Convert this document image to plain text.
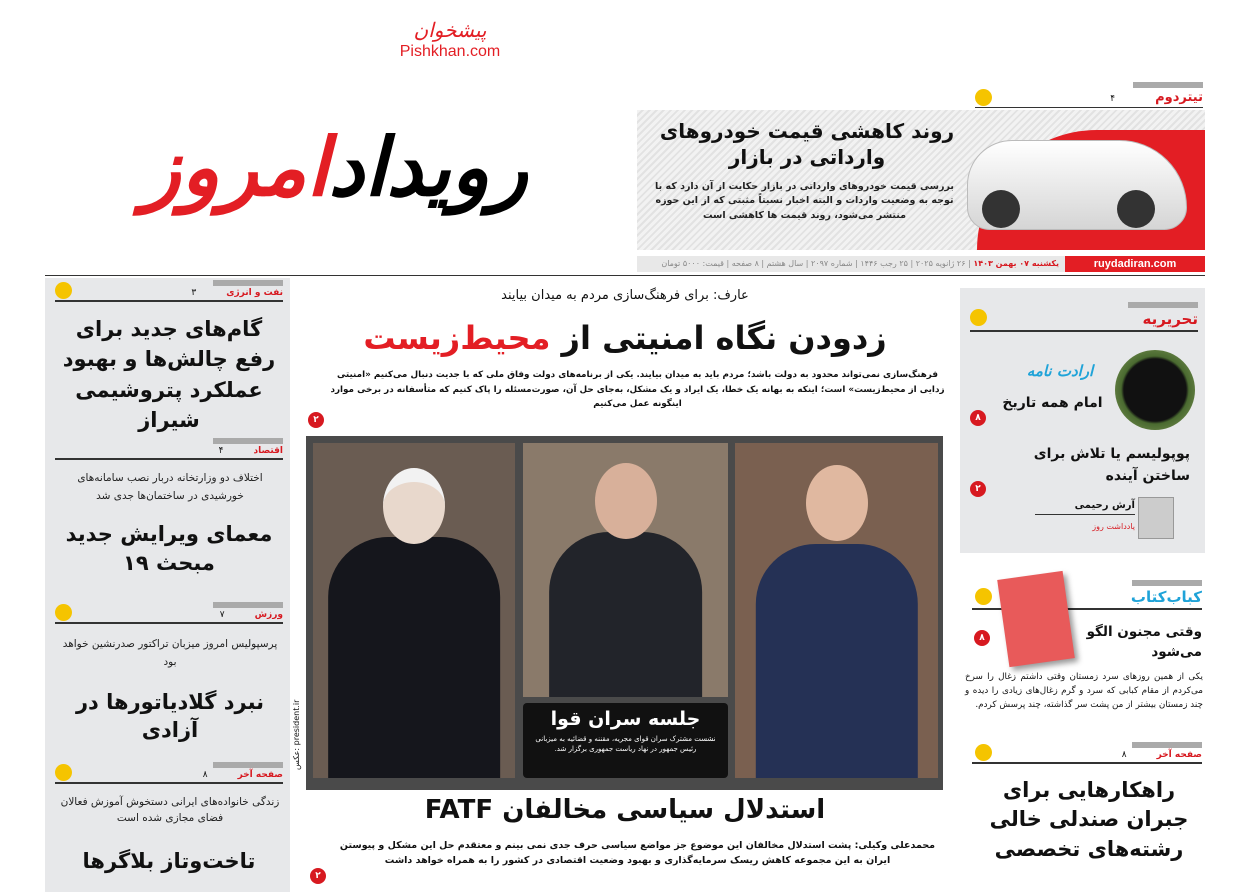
پیشخوان
Pishkhan.com
رویدادامروز	روند کاهشی قیمت خودروهای وارداتی در بازار
بررسی قیمت خودروهای وارداتی در بازار حکایت از آن دارد که با توجه به وضعیت واردات و البته اخبار نسبتاً مثبتی که از این حوزه منتشر می‌شود، روند قیمت ها کاهشی است
تیتردوم۴
ruydadiran.com
یکشنبه ۰۷ بهمن ۱۴۰۳ | ۲۶ ژانویه ۲۰۲۵ | ۲۵ رجب ۱۴۴۶ | شماره ۲۰۹۷ | سال هشتم | ۸ صفحه | قیمت: ۵۰۰۰ تومان
نفت و انرژی۳
گام‌های جدید برای رفع چالش‌ها و بهبود عملکرد پتروشیمی شیراز
اقتصاد۴
اختلاف دو وزارتخانه دربار نصب سامانه‌های خورشیدی در ساختمان‌ها جدی شد
معمای ویرایش جدید مبحث ۱۹
ورزش۷
پرسپولیس امروز میزبان تراکتور صدرنشین خواهد بود
نبرد گلادیاتورها در آزادی
صفحه آخر۸
زندگی خانواده‌های ایرانی دستخوش آموزش فعالان فضای مجازی شده است
تاخت‌وتاز بلاگرها
عارف: برای فرهنگ‌سازی مردم به میدان بیایند
زدودن نگاه امنیتی از محیط‌زیست
فرهنگ‌سازی نمی‌تواند محدود به دولت باشد؛ مردم باید به میدان بیایند. یکی از برنامه‌های دولت وفاق ملی که با جدیت دنبال می‌کنیم «امنیتی زدایی از محیط‌زیست» است؛ اینکه به بهانه یک خطا، یک ایراد و یک مشکل، به‌جای حل آن، صورت‌مسئله را پاک کنیم که متأسفانه در برخی موارد اینگونه عمل می‌کنیم
۲
جلسه سران قوا
نشست مشترک سران قوای مجریه، مقننه و قضائیه به میزبانی رئیس جمهور در نهاد ریاست جمهوری برگزار شد.
عکس: president.ir
استدلال سیاسی مخالفان FATF
محمدعلی وکیلی: پشت استدلال مخالفان این موضوع جز مواضع سیاسی حرف جدی نمی بینم و معتقدم حل این مشکل و پیوستن ایران به این مجموعه کاهش ریسک سرمایه‌گذاری و بهبود وضعیت اقتصادی در کشور را به همراه خواهد داشت
۲
تحریریه
ارادت نامه
امام همه تاریخ
۸
پوپولیسم یا تلاش برای ساختن آینده
۲
آرش رحیمی
یادداشت روز
کباب‌کتاب
۸	وقتی مجنون الگو می‌شود
یکی از همین روزهای سرد زمستان وقتی داشتم زغال را سرخ می‌کردم از مقام کبابی که سرد و گرم زغال‌های زیادی را دیده و چند زمستان بیشتر از من پشت سر گذاشته، چند پرسش کردم.
صفحه آخر۸
راهکارهایی برای جبران صندلی خالی رشته‌های تخصصی
